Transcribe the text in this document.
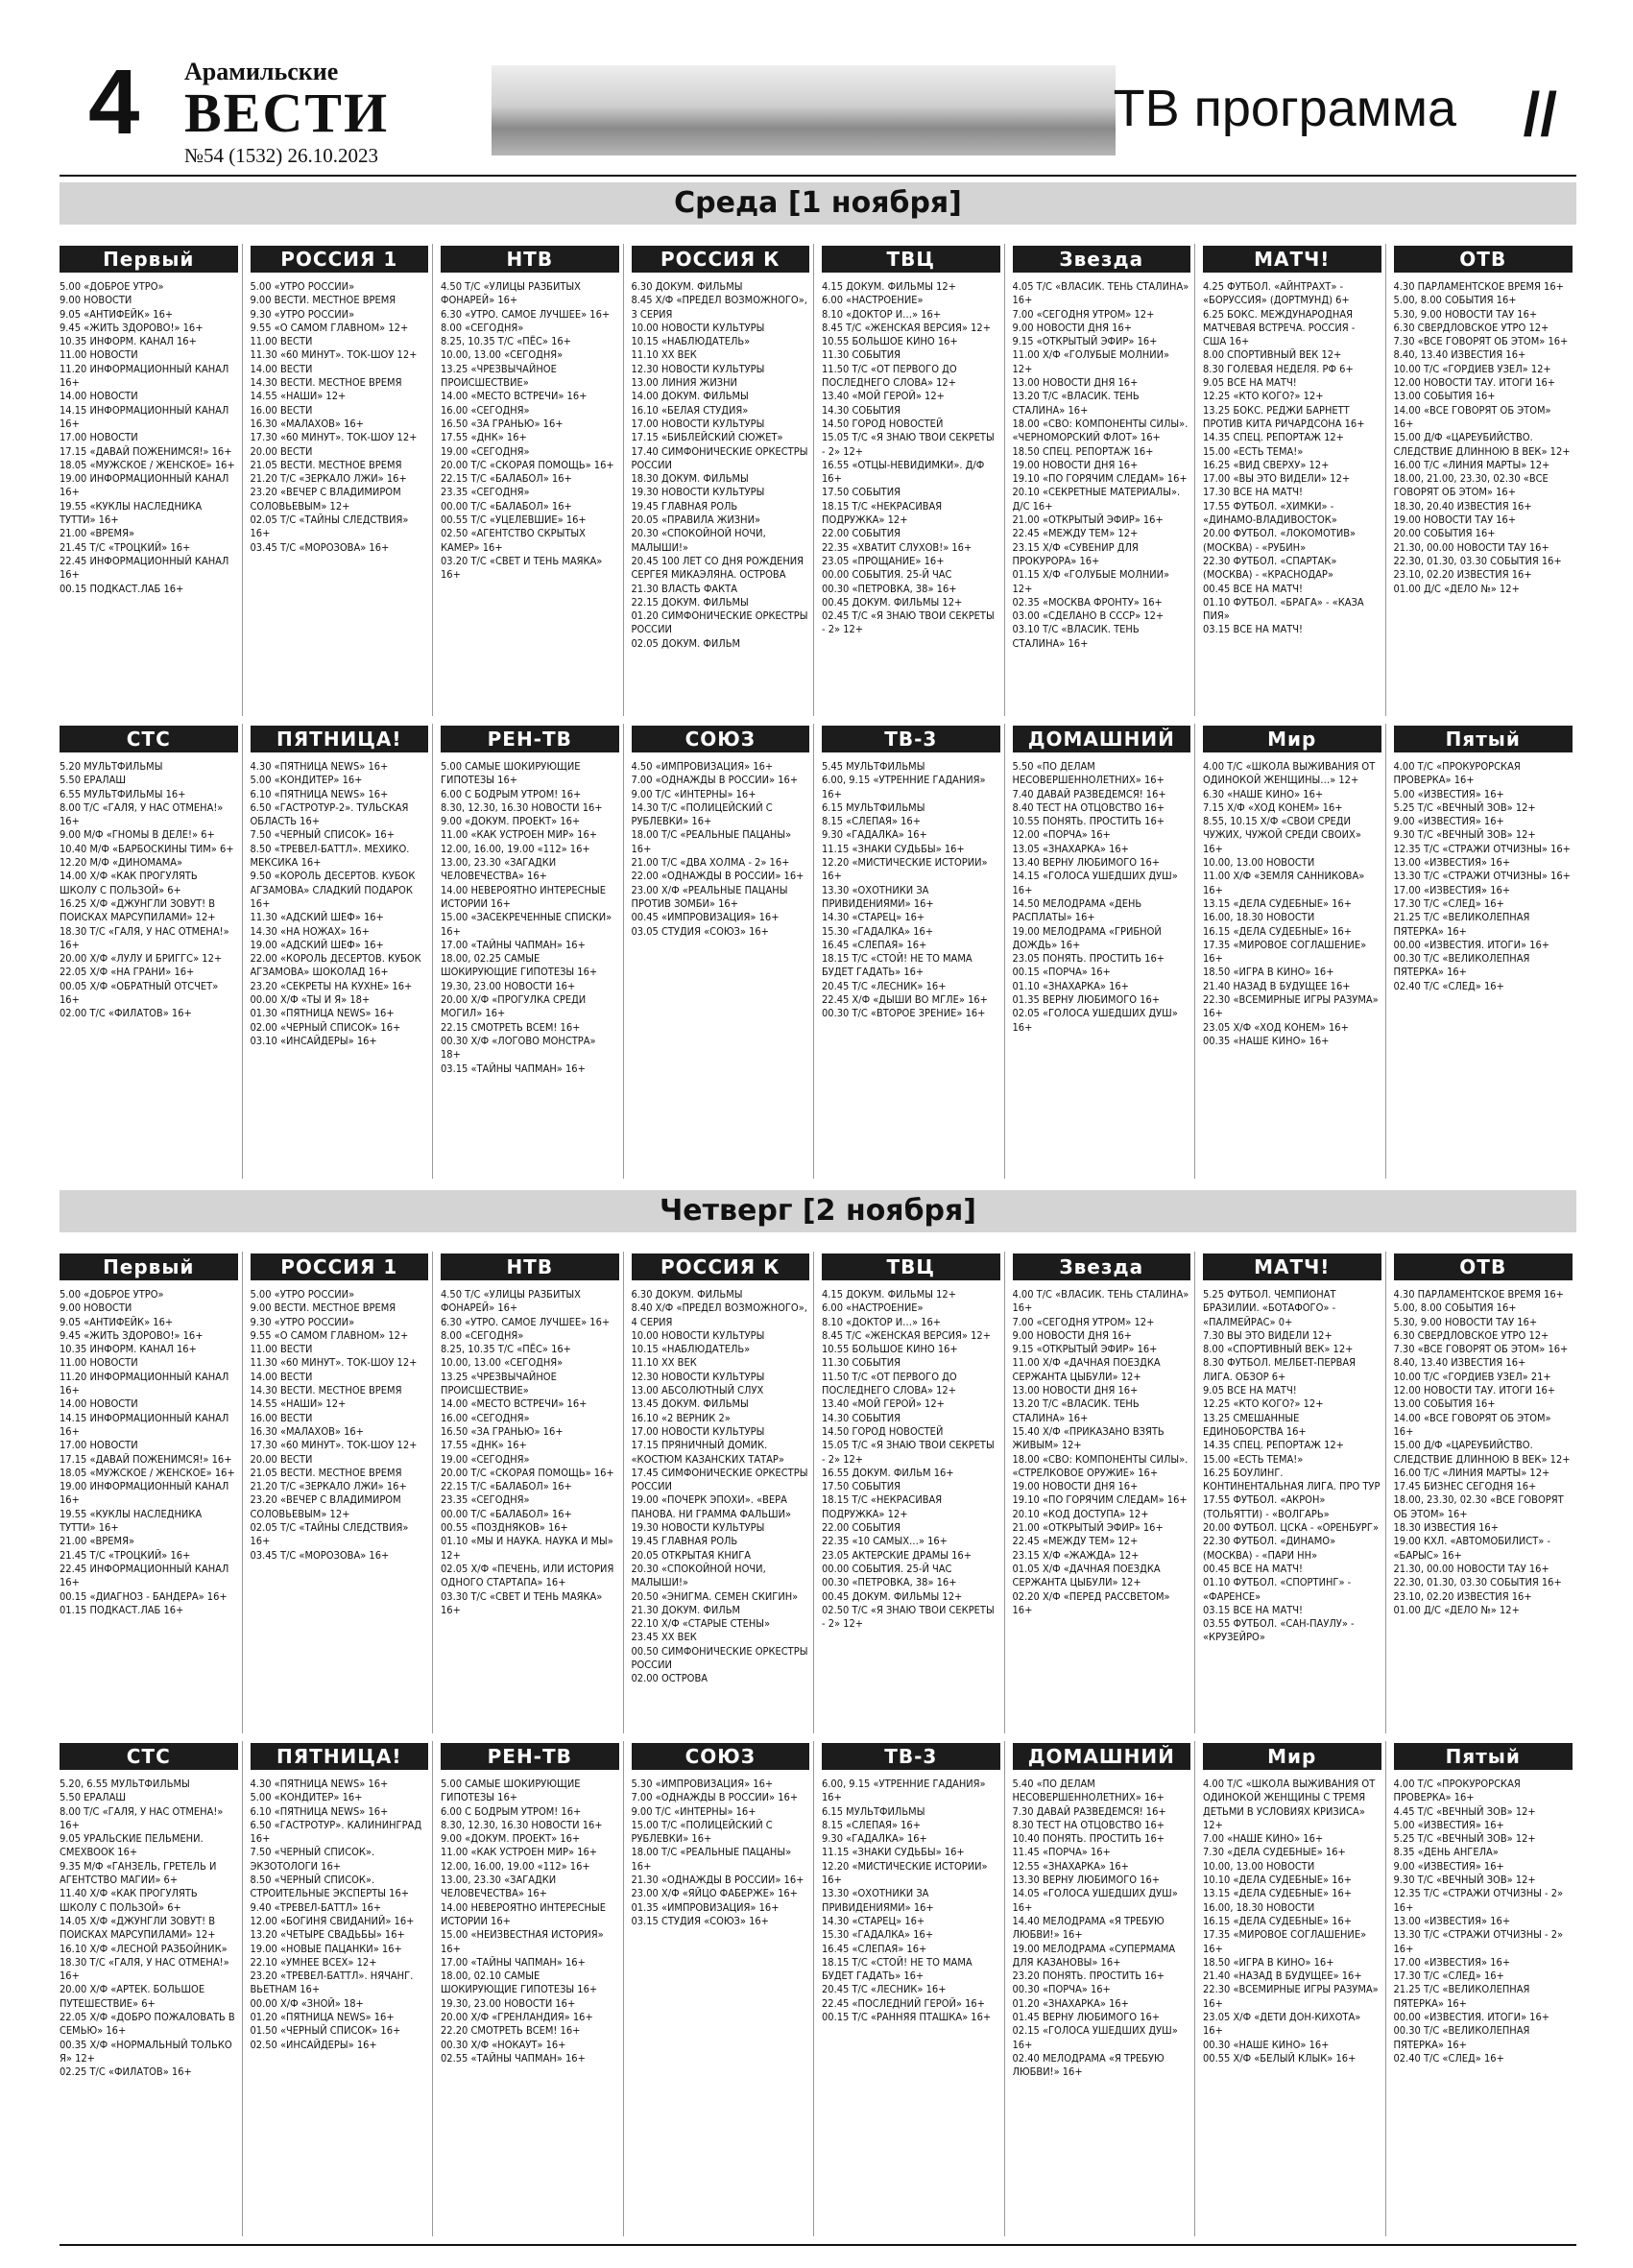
4 Арамильские
ВЕСТИ
№54 (1532) 26.10.2023
ТВ программа //
Среда [1 ноября]
Первый
5.00 «ДОБРОЕ УТРО»
9.00 НОВОСТИ
9.05 «АНТИФЕЙК» 16+
9.45 «ЖИТЬ ЗДОРОВО!» 16+
10.35 ИНФОРМ. КАНАЛ 16+
11.00 НОВОСТИ
11.20 ИНФОРМАЦИОННЫЙ КАНАЛ 16+
14.00 НОВОСТИ
14.15 ИНФОРМАЦИОННЫЙ КАНАЛ 16+
17.00 НОВОСТИ
17.15 «ДАВАЙ ПОЖЕНИМСЯ!» 16+
18.05 «МУЖСКОЕ / ЖЕНСКОЕ» 16+
19.00 ИНФОРМАЦИОННЫЙ КАНАЛ 16+
19.55 «КУКЛЫ НАСЛЕДНИКА ТУТТИ» 16+
21.00 «ВРЕМЯ»
21.45 Т/С «ТРОЦКИЙ» 16+
22.45 ИНФОРМАЦИОННЫЙ КАНАЛ 16+
00.15 ПОДКАСТ.ЛАБ 16+
РОССИЯ 1
5.00 «УТРО РОССИИ»
9.00 ВЕСТИ. МЕСТНОЕ ВРЕМЯ
9.30 «УТРО РОССИИ»
9.55 «О САМОМ ГЛАВНОМ» 12+
11.00 ВЕСТИ
11.30 «60 МИНУТ». ТОК-ШОУ 12+
14.00 ВЕСТИ
14.30 ВЕСТИ. МЕСТНОЕ ВРЕМЯ
14.55 «НАШИ» 12+
16.00 ВЕСТИ
16.30 «МАЛАХОВ» 16+
17.30 «60 МИНУТ». ТОК-ШОУ 12+
20.00 ВЕСТИ
21.05 ВЕСТИ. МЕСТНОЕ ВРЕМЯ
21.20 Т/С «ЗЕРКАЛО ЛЖИ» 16+
23.20 «ВЕЧЕР С ВЛАДИМИРОМ СОЛОВЬЕВЫМ» 12+
02.05 Т/С «ТАЙНЫ СЛЕДСТВИЯ» 16+
03.45 Т/С «МОРОЗОВА» 16+
НТВ
4.50 Т/С «УЛИЦЫ РАЗБИТЫХ ФОНАРЕЙ» 16+
6.30 «УТРО. САМОЕ ЛУЧШЕЕ» 16+
8.00 «СЕГОДНЯ»
8.25, 10.35 Т/С «ПЁС» 16+
10.00, 13.00 «СЕГОДНЯ»
13.25 «ЧРЕЗВЫЧАЙНОЕ ПРОИСШЕСТВИЕ»
14.00 «МЕСТО ВСТРЕЧИ» 16+
16.00 «СЕГОДНЯ»
16.50 «ЗА ГРАНЬЮ» 16+
17.55 «ДНК» 16+
19.00 «СЕГОДНЯ»
20.00 Т/С «СКОРАЯ ПОМОЩЬ» 16+
22.15 Т/С «БАЛАБОЛ» 16+
23.35 «СЕГОДНЯ»
00.00 Т/С «БАЛАБОЛ» 16+
00.55 Т/С «УЦЕЛЕВШИЕ» 16+
02.50 «АГЕНТСТВО СКРЫТЫХ КАМЕР» 16+
03.20 Т/С «СВЕТ И ТЕНЬ МАЯКА» 16+
РОССИЯ К
6.30 ДОКУМ. ФИЛЬМЫ
8.45 Х/Ф «ПРЕДЕЛ ВОЗМОЖНОГО», 3 СЕРИЯ
10.00 НОВОСТИ КУЛЬТУРЫ
10.15 «НАБЛЮДАТЕЛЬ»
11.10 XX ВЕК
12.30 НОВОСТИ КУЛЬТУРЫ
13.00 ЛИНИЯ ЖИЗНИ
14.00 ДОКУМ. ФИЛЬМЫ
16.10 «БЕЛАЯ СТУДИЯ»
17.00 НОВОСТИ КУЛЬТУРЫ
17.15 «БИБЛЕЙСКИЙ СЮЖЕТ»
17.40 СИМФОНИЧЕСКИЕ ОРКЕСТРЫ РОССИИ
18.30 ДОКУМ. ФИЛЬМЫ
19.30 НОВОСТИ КУЛЬТУРЫ
19.45 ГЛАВНАЯ РОЛЬ
20.05 «ПРАВИЛА ЖИЗНИ»
20.30 «СПОКОЙНОЙ НОЧИ, МАЛЫШИ!»
20.45 100 ЛЕТ СО ДНЯ РОЖДЕНИЯ СЕРГЕЯ МИКАЭЛЯНА. ОСТРОВА
21.30 ВЛАСТЬ ФАКТА
22.15 ДОКУМ. ФИЛЬМЫ
01.20 СИМФОНИЧЕСКИЕ ОРКЕСТРЫ РОССИИ
02.05 ДОКУМ. ФИЛЬМ
ТВЦ
4.15 ДОКУМ. ФИЛЬМЫ 12+
6.00 «НАСТРОЕНИЕ»
8.10 «ДОКТОР И…» 16+
8.45 Т/С «ЖЕНСКАЯ ВЕРСИЯ» 12+
10.55 БОЛЬШОЕ КИНО 16+
11.30 СОБЫТИЯ
11.50 Т/С «ОТ ПЕРВОГО ДО ПОСЛЕДНЕГО СЛОВА» 12+
13.40 «МОЙ ГЕРОЙ» 12+
14.30 СОБЫТИЯ
14.50 ГОРОД НОВОСТЕЙ
15.05 Т/С «Я ЗНАЮ ТВОИ СЕКРЕТЫ - 2» 12+
16.55 «ОТЦЫ-НЕВИДИМКИ». Д/Ф 16+
17.50 СОБЫТИЯ
18.15 Т/С «НЕКРАСИВАЯ ПОДРУЖКА» 12+
22.00 СОБЫТИЯ
22.35 «ХВАТИТ СЛУХОВ!» 16+
23.05 «ПРОЩАНИЕ» 16+
00.00 СОБЫТИЯ. 25-Й ЧАС
00.30 «ПЕТРОВКА, 38» 16+
00.45 ДОКУМ. ФИЛЬМЫ 12+
02.45 Т/С «Я ЗНАЮ ТВОИ СЕКРЕТЫ - 2» 12+
Звезда
4.05 Т/С «ВЛАСИК. ТЕНЬ СТАЛИНА» 16+
7.00 «СЕГОДНЯ УТРОМ» 12+
9.00 НОВОСТИ ДНЯ 16+
9.15 «ОТКРЫТЫЙ ЭФИР» 16+
11.00 Х/Ф «ГОЛУБЫЕ МОЛНИИ» 12+
13.00 НОВОСТИ ДНЯ 16+
13.20 Т/С «ВЛАСИК. ТЕНЬ СТАЛИНА» 16+
18.00 «СВО: КОМПОНЕНТЫ СИЛЫ». «ЧЕРНОМОРСКИЙ ФЛОТ» 16+
18.50 СПЕЦ. РЕПОРТАЖ 16+
19.00 НОВОСТИ ДНЯ 16+
19.10 «ПО ГОРЯЧИМ СЛЕДАМ» 16+
20.10 «СЕКРЕТНЫЕ МАТЕРИАЛЫ». Д/С 16+
21.00 «ОТКРЫТЫЙ ЭФИР» 16+
22.45 «МЕЖДУ ТЕМ» 12+
23.15 Х/Ф «СУВЕНИР ДЛЯ ПРОКУРОРА» 16+
01.15 Х/Ф «ГОЛУБЫЕ МОЛНИИ» 12+
02.35 «МОСКВА ФРОНТУ» 16+
03.00 «СДЕЛАНО В СССР» 12+
03.10 Т/С «ВЛАСИК. ТЕНЬ СТАЛИНА» 16+
МАТЧ!
4.25 ФУТБОЛ. «АЙНТРАХТ» - «БОРУССИЯ» (ДОРТМУНД) 6+
6.25 БОКС. МЕЖДУНАРОДНАЯ МАТЧЕВАЯ ВСТРЕЧА. РОССИЯ - США 16+
8.00 СПОРТИВНЫЙ ВЕК 12+
8.30 ГОЛЕВАЯ НЕДЕЛЯ. РФ 6+
9.05 ВСЕ НА МАТЧ!
12.25 «КТО КОГО?» 12+
13.25 БОКС. РЕДЖИ БАРНЕТТ ПРОТИВ КИТА РИЧАРДСОНА 16+
14.35 СПЕЦ. РЕПОРТАЖ 12+
15.00 «ЕСТЬ ТЕМА!»
16.25 «ВИД СВЕРХУ» 12+
17.00 «ВЫ ЭТО ВИДЕЛИ» 12+
17.30 ВСЕ НА МАТЧ!
17.55 ФУТБОЛ. «ХИМКИ» - «ДИНАМО-ВЛАДИВОСТОК»
20.00 ФУТБОЛ. «ЛОКОМОТИВ» (МОСКВА) - «РУБИН»
22.30 ФУТБОЛ. «СПАРТАК» (МОСКВА) - «КРАСНОДАР»
00.45 ВСЕ НА МАТЧ!
01.10 ФУТБОЛ. «БРАГА» - «КАЗА ПИЯ»
03.15 ВСЕ НА МАТЧ!
ОТВ
4.30 ПАРЛАМЕНТСКОЕ ВРЕМЯ 16+
5.00, 8.00 СОБЫТИЯ 16+
5.30, 9.00 НОВОСТИ ТАУ 16+
6.30 СВЕРДЛОВСКОЕ УТРО 12+
7.30 «ВСЕ ГОВОРЯТ ОБ ЭТОМ» 16+
8.40, 13.40 ИЗВЕСТИЯ 16+
10.00 Т/С «ГОРДИЕВ УЗЕЛ» 12+
12.00 НОВОСТИ ТАУ. ИТОГИ 16+
13.00 СОБЫТИЯ 16+
14.00 «ВСЕ ГОВОРЯТ ОБ ЭТОМ» 16+
15.00 Д/Ф «ЦАРЕУБИЙСТВО. СЛЕДСТВИЕ ДЛИННОЮ В ВЕК» 12+
16.00 Т/С «ЛИНИЯ МАРТЫ» 12+
18.00, 21.00, 23.30, 02.30 «ВСЕ ГОВОРЯТ ОБ ЭТОМ» 16+
18.30, 20.40 ИЗВЕСТИЯ 16+
19.00 НОВОСТИ ТАУ 16+
20.00 СОБЫТИЯ 16+
21.30, 00.00 НОВОСТИ ТАУ 16+
22.30, 01.30, 03.30 СОБЫТИЯ 16+
23.10, 02.20 ИЗВЕСТИЯ 16+
01.00 Д/С «ДЕЛО №» 12+
СТС
5.20 МУЛЬТФИЛЬМЫ
5.50 ЕРАЛАШ
6.55 МУЛЬТФИЛЬМЫ 16+
8.00 Т/С «ГАЛЯ, У НАС ОТМЕНА!» 16+
9.00 М/Ф «ГНОМЫ В ДЕЛЕ!» 6+
10.40 М/Ф «БАРБОСКИНЫ ТИМ» 6+
12.20 М/Ф «ДИНОМАМА»
14.00 Х/Ф «КАК ПРОГУЛЯТЬ ШКОЛУ С ПОЛЬЗОЙ» 6+
16.25 Х/Ф «ДЖУНГЛИ ЗОВУТ! В ПОИСКАХ МАРСУПИЛАМИ» 12+
18.30 Т/С «ГАЛЯ, У НАС ОТМЕНА!» 16+
20.00 Х/Ф «ЛУЛУ И БРИГГС» 12+
22.05 Х/Ф «НА ГРАНИ» 16+
00.05 Х/Ф «ОБРАТНЫЙ ОТСЧЕТ» 16+
02.00 Т/С «ФИЛАТОВ» 16+
ПЯТНИЦА!
4.30 «ПЯТНИЦА NEWS» 16+
5.00 «КОНДИТЕР» 16+
6.10 «ПЯТНИЦА NEWS» 16+
6.50 «ГАСТРОТУР-2». ТУЛЬСКАЯ ОБЛАСТЬ 16+
7.50 «ЧЕРНЫЙ СПИСОК» 16+
8.50 «ТРЕВЕЛ-БАТТЛ». МЕХИКО. МЕКСИКА 16+
9.50 «КОРОЛЬ ДЕСЕРТОВ. КУБОК АГЗАМОВА» СЛАДКИЙ ПОДАРОК 16+
11.30 «АДСКИЙ ШЕФ» 16+
14.30 «НА НОЖАХ» 16+
19.00 «АДСКИЙ ШЕФ» 16+
22.00 «КОРОЛЬ ДЕСЕРТОВ. КУБОК АГЗАМОВА» ШОКОЛАД 16+
23.20 «СЕКРЕТЫ НА КУХНЕ» 16+
00.00 Х/Ф «ТЫ И Я» 18+
01.30 «ПЯТНИЦА NEWS» 16+
02.00 «ЧЕРНЫЙ СПИСОК» 16+
03.10 «ИНСАЙДЕРЫ» 16+
РЕН-ТВ
5.00 САМЫЕ ШОКИРУЮЩИЕ ГИПОТЕЗЫ 16+
6.00 С БОДРЫМ УТРОМ! 16+
8.30, 12.30, 16.30 НОВОСТИ 16+
9.00 «ДОКУМ. ПРОЕКТ» 16+
11.00 «КАК УСТРОЕН МИР» 16+
12.00, 16.00, 19.00 «112» 16+
13.00, 23.30 «ЗАГАДКИ ЧЕЛОВЕЧЕСТВА» 16+
14.00 НЕВЕРОЯТНО ИНТЕРЕСНЫЕ ИСТОРИИ 16+
15.00 «ЗАСЕКРЕЧЕННЫЕ СПИСКИ» 16+
17.00 «ТАЙНЫ ЧАПМАН» 16+
18.00, 02.25 САМЫЕ ШОКИРУЮЩИЕ ГИПОТЕЗЫ 16+
19.30, 23.00 НОВОСТИ 16+
20.00 Х/Ф «ПРОГУЛКА СРЕДИ МОГИЛ» 16+
22.15 СМОТРЕТЬ ВСЕМ! 16+
00.30 Х/Ф «ЛОГОВО МОНСТРА» 18+
03.15 «ТАЙНЫ ЧАПМАН» 16+
СОЮЗ
4.50 «ИМПРОВИЗАЦИЯ» 16+
7.00 «ОДНАЖДЫ В РОССИИ» 16+
9.00 Т/С «ИНТЕРНЫ» 16+
14.30 Т/С «ПОЛИЦЕЙСКИЙ С РУБЛЕВКИ» 16+
18.00 Т/С «РЕАЛЬНЫЕ ПАЦАНЫ» 16+
21.00 Т/С «ДВА ХОЛМА - 2» 16+
22.00 «ОДНАЖДЫ В РОССИИ» 16+
23.00 Х/Ф «РЕАЛЬНЫЕ ПАЦАНЫ ПРОТИВ ЗОМБИ» 16+
00.45 «ИМПРОВИЗАЦИЯ» 16+
03.05 СТУДИЯ «СОЮЗ» 16+
ТВ-3
5.45 МУЛЬТФИЛЬМЫ
6.00, 9.15 «УТРЕННИЕ ГАДАНИЯ» 16+
6.15 МУЛЬТФИЛЬМЫ
8.15 «СЛЕПАЯ» 16+
9.30 «ГАДАЛКА» 16+
11.15 «ЗНАКИ СУДЬБЫ» 16+
12.20 «МИСТИЧЕСКИЕ ИСТОРИИ» 16+
13.30 «ОХОТНИКИ ЗА ПРИВИДЕНИЯМИ» 16+
14.30 «СТАРЕЦ» 16+
15.30 «ГАДАЛКА» 16+
16.45 «СЛЕПАЯ» 16+
18.15 Т/С «СТОЙ! НЕ ТО МАМА БУДЕТ ГАДАТЬ» 16+
20.45 Т/С «ЛЕСНИК» 16+
22.45 Х/Ф «ДЫШИ ВО МГЛЕ» 16+
00.30 Т/С «ВТОРОЕ ЗРЕНИЕ» 16+
ДОМАШНИЙ
5.50 «ПО ДЕЛАМ НЕСОВЕРШЕННОЛЕТНИХ» 16+
7.40 ДАВАЙ РАЗВЕДЕМСЯ! 16+
8.40 ТЕСТ НА ОТЦОВСТВО 16+
10.55 ПОНЯТЬ. ПРОСТИТЬ 16+
12.00 «ПОРЧА» 16+
13.05 «ЗНАХАРКА» 16+
13.40 ВЕРНУ ЛЮБИМОГО 16+
14.15 «ГОЛОСА УШЕДШИХ ДУШ» 16+
14.50 МЕЛОДРАМА «ДЕНЬ РАСПЛАТЫ» 16+
19.00 МЕЛОДРАМА «ГРИБНОЙ ДОЖДЬ» 16+
23.05 ПОНЯТЬ. ПРОСТИТЬ 16+
00.15 «ПОРЧА» 16+
01.10 «ЗНАХАРКА» 16+
01.35 ВЕРНУ ЛЮБИМОГО 16+
02.05 «ГОЛОСА УШЕДШИХ ДУШ» 16+
Мир
4.00 Т/С «ШКОЛА ВЫЖИВАНИЯ ОТ ОДИНОКОЙ ЖЕНЩИНЫ…» 12+
6.30 «НАШЕ КИНО» 16+
7.15 Х/Ф «ХОД КОНЕМ» 16+
8.55, 10.15 Х/Ф «СВОИ СРЕДИ ЧУЖИХ, ЧУЖОЙ СРЕДИ СВОИХ» 16+
10.00, 13.00 НОВОСТИ
11.00 Х/Ф «ЗЕМЛЯ САННИКОВА» 16+
13.15 «ДЕЛА СУДЕБНЫЕ» 16+
16.00, 18.30 НОВОСТИ
16.15 «ДЕЛА СУДЕБНЫЕ» 16+
17.35 «МИРОВОЕ СОГЛАШЕНИЕ» 16+
18.50 «ИГРА В КИНО» 16+
21.40 НАЗАД В БУДУЩЕЕ 16+
22.30 «ВСЕМИРНЫЕ ИГРЫ РАЗУМА» 16+
23.05 Х/Ф «ХОД КОНЕМ» 16+
00.35 «НАШЕ КИНО» 16+
Пятый
4.00 Т/С «ПРОКУРОРСКАЯ ПРОВЕРКА» 16+
5.00 «ИЗВЕСТИЯ» 16+
5.25 Т/С «ВЕЧНЫЙ ЗОВ» 12+
9.00 «ИЗВЕСТИЯ» 16+
9.30 Т/С «ВЕЧНЫЙ ЗОВ» 12+
12.35 Т/С «СТРАЖИ ОТЧИЗНЫ» 16+
13.00 «ИЗВЕСТИЯ» 16+
13.30 Т/С «СТРАЖИ ОТЧИЗНЫ» 16+
17.00 «ИЗВЕСТИЯ» 16+
17.30 Т/С «СЛЕД» 16+
21.25 Т/С «ВЕЛИКОЛЕПНАЯ ПЯТЕРКА» 16+
00.00 «ИЗВЕСТИЯ. ИТОГИ» 16+
00.30 Т/С «ВЕЛИКОЛЕПНАЯ ПЯТЕРКА» 16+
02.40 Т/С «СЛЕД» 16+
Четверг [2 ноября]
Первый
5.00 «ДОБРОЕ УТРО»
9.00 НОВОСТИ
9.05 «АНТИФЕЙК» 16+
9.45 «ЖИТЬ ЗДОРОВО!» 16+
10.35 ИНФОРМ. КАНАЛ 16+
11.00 НОВОСТИ
11.20 ИНФОРМАЦИОННЫЙ КАНАЛ 16+
14.00 НОВОСТИ
14.15 ИНФОРМАЦИОННЫЙ КАНАЛ 16+
17.00 НОВОСТИ
17.15 «ДАВАЙ ПОЖЕНИМСЯ!» 16+
18.05 «МУЖСКОЕ / ЖЕНСКОЕ» 16+
19.00 ИНФОРМАЦИОННЫЙ КАНАЛ 16+
19.55 «КУКЛЫ НАСЛЕДНИКА ТУТТИ» 16+
21.00 «ВРЕМЯ»
21.45 Т/С «ТРОЦКИЙ» 16+
22.45 ИНФОРМАЦИОННЫЙ КАНАЛ 16+
00.15 «ДИАГНОЗ - БАНДЕРА» 16+
01.15 ПОДКАСТ.ЛАБ 16+
РОССИЯ 1
5.00 «УТРО РОССИИ»
9.00 ВЕСТИ. МЕСТНОЕ ВРЕМЯ
9.30 «УТРО РОССИИ»
9.55 «О САМОМ ГЛАВНОМ» 12+
11.00 ВЕСТИ
11.30 «60 МИНУТ». ТОК-ШОУ 12+
14.00 ВЕСТИ
14.30 ВЕСТИ. МЕСТНОЕ ВРЕМЯ
14.55 «НАШИ» 12+
16.00 ВЕСТИ
16.30 «МАЛАХОВ» 16+
17.30 «60 МИНУТ». ТОК-ШОУ 12+
20.00 ВЕСТИ
21.05 ВЕСТИ. МЕСТНОЕ ВРЕМЯ
21.20 Т/С «ЗЕРКАЛО ЛЖИ» 16+
23.20 «ВЕЧЕР С ВЛАДИМИРОМ СОЛОВЬЕВЫМ» 12+
02.05 Т/С «ТАЙНЫ СЛЕДСТВИЯ» 16+
03.45 Т/С «МОРОЗОВА» 16+
НТВ
4.50 Т/С «УЛИЦЫ РАЗБИТЫХ ФОНАРЕЙ» 16+
6.30 «УТРО. САМОЕ ЛУЧШЕЕ» 16+
8.00 «СЕГОДНЯ»
8.25, 10.35 Т/С «ПЁС» 16+
10.00, 13.00 «СЕГОДНЯ»
13.25 «ЧРЕЗВЫЧАЙНОЕ ПРОИСШЕСТВИЕ»
14.00 «МЕСТО ВСТРЕЧИ» 16+
16.00 «СЕГОДНЯ»
16.50 «ЗА ГРАНЬЮ» 16+
17.55 «ДНК» 16+
19.00 «СЕГОДНЯ»
20.00 Т/С «СКОРАЯ ПОМОЩЬ» 16+
22.15 Т/С «БАЛАБОЛ» 16+
23.35 «СЕГОДНЯ»
00.00 Т/С «БАЛАБОЛ» 16+
00.55 «ПОЗДНЯКОВ» 16+
01.10 «МЫ И НАУКА. НАУКА И МЫ» 12+
02.05 Х/Ф «ПЕЧЕНЬ, ИЛИ ИСТОРИЯ ОДНОГО СТАРТАПА» 16+
03.30 Т/С «СВЕТ И ТЕНЬ МАЯКА» 16+
РОССИЯ К
6.30 ДОКУМ. ФИЛЬМЫ
8.40 Х/Ф «ПРЕДЕЛ ВОЗМОЖНОГО», 4 СЕРИЯ
10.00 НОВОСТИ КУЛЬТУРЫ
10.15 «НАБЛЮДАТЕЛЬ»
11.10 XX ВЕК
12.30 НОВОСТИ КУЛЬТУРЫ
13.00 АБСОЛЮТНЫЙ СЛУХ
13.45 ДОКУМ. ФИЛЬМЫ
16.10 «2 ВЕРНИК 2»
17.00 НОВОСТИ КУЛЬТУРЫ
17.15 ПРЯНИЧНЫЙ ДОМИК. «КОСТЮМ КАЗАНСКИХ ТАТАР»
17.45 СИМФОНИЧЕСКИЕ ОРКЕСТРЫ РОССИИ
19.00 «ПОЧЕРК ЭПОХИ». «ВЕРА ПАНОВА. НИ ГРАММА ФАЛЬШИ»
19.30 НОВОСТИ КУЛЬТУРЫ
19.45 ГЛАВНАЯ РОЛЬ
20.05 ОТКРЫТАЯ КНИГА
20.30 «СПОКОЙНОЙ НОЧИ, МАЛЫШИ!»
20.50 «ЭНИГМА. СЕМЕН СКИГИН»
21.30 ДОКУМ. ФИЛЬМ
22.10 Х/Ф «СТАРЫЕ СТЕНЫ»
23.45 XX ВЕК
00.50 СИМФОНИЧЕСКИЕ ОРКЕСТРЫ РОССИИ
02.00 ОСТРОВА
ТВЦ
4.15 ДОКУМ. ФИЛЬМЫ 12+
6.00 «НАСТРОЕНИЕ»
8.10 «ДОКТОР И…» 16+
8.45 Т/С «ЖЕНСКАЯ ВЕРСИЯ» 12+
10.55 БОЛЬШОЕ КИНО 16+
11.30 СОБЫТИЯ
11.50 Т/С «ОТ ПЕРВОГО ДО ПОСЛЕДНЕГО СЛОВА» 12+
13.40 «МОЙ ГЕРОЙ» 12+
14.30 СОБЫТИЯ
14.50 ГОРОД НОВОСТЕЙ
15.05 Т/С «Я ЗНАЮ ТВОИ СЕКРЕТЫ - 2» 12+
16.55 ДОКУМ. ФИЛЬМ 16+
17.50 СОБЫТИЯ
18.15 Т/С «НЕКРАСИВАЯ ПОДРУЖКА» 12+
22.00 СОБЫТИЯ
22.35 «10 САМЫХ…» 16+
23.05 АКТЕРСКИЕ ДРАМЫ 16+
00.00 СОБЫТИЯ. 25-Й ЧАС
00.30 «ПЕТРОВКА, 38» 16+
00.45 ДОКУМ. ФИЛЬМЫ 12+
02.50 Т/С «Я ЗНАЮ ТВОИ СЕКРЕТЫ - 2» 12+
Звезда
4.00 Т/С «ВЛАСИК. ТЕНЬ СТАЛИНА» 16+
7.00 «СЕГОДНЯ УТРОМ» 12+
9.00 НОВОСТИ ДНЯ 16+
9.15 «ОТКРЫТЫЙ ЭФИР» 16+
11.00 Х/Ф «ДАЧНАЯ ПОЕЗДКА СЕРЖАНТА ЦЫБУЛИ» 12+
13.00 НОВОСТИ ДНЯ 16+
13.20 Т/С «ВЛАСИК. ТЕНЬ СТАЛИНА» 16+
15.40 Х/Ф «ПРИКАЗАНО ВЗЯТЬ ЖИВЫМ» 12+
18.00 «СВО: КОМПОНЕНТЫ СИЛЫ». «СТРЕЛКОВОЕ ОРУЖИЕ» 16+
19.00 НОВОСТИ ДНЯ 16+
19.10 «ПО ГОРЯЧИМ СЛЕДАМ» 16+
20.10 «КОД ДОСТУПА» 12+
21.00 «ОТКРЫТЫЙ ЭФИР» 16+
22.45 «МЕЖДУ ТЕМ» 12+
23.15 Х/Ф «ЖАЖДА» 12+
01.05 Х/Ф «ДАЧНАЯ ПОЕЗДКА СЕРЖАНТА ЦЫБУЛИ» 12+
02.20 Х/Ф «ПЕРЕД РАССВЕТОМ» 16+
МАТЧ!
5.25 ФУТБОЛ. ЧЕМПИОНАТ БРАЗИЛИИ. «БОТАФОГО» - «ПАЛМЕЙРАС» 0+
7.30 ВЫ ЭТО ВИДЕЛИ 12+
8.00 «СПОРТИВНЫЙ ВЕК» 12+
8.30 ФУТБОЛ. МЕЛБЕТ-ПЕРВАЯ ЛИГА. ОБЗОР 6+
9.05 ВСЕ НА МАТЧ!
12.25 «КТО КОГО?» 12+
13.25 СМЕШАННЫЕ ЕДИНОБОРСТВА 16+
14.35 СПЕЦ. РЕПОРТАЖ 12+
15.00 «ЕСТЬ ТЕМА!»
16.25 БОУЛИНГ. КОНТИНЕНТАЛЬНАЯ ЛИГА. ПРО ТУР
17.55 ФУТБОЛ. «АКРОН» (ТОЛЬЯТТИ) - «ВОЛГАРЬ»
20.00 ФУТБОЛ. ЦСКА - «ОРЕНБУРГ»
22.30 ФУТБОЛ. «ДИНАМО» (МОСКВА) - «ПАРИ НН»
00.45 ВСЕ НА МАТЧ!
01.10 ФУТБОЛ. «СПОРТИНГ» - «ФАРЕНСЕ»
03.15 ВСЕ НА МАТЧ!
03.55 ФУТБОЛ. «САН-ПАУЛУ» - «КРУЗЕЙРО»
ОТВ
4.30 ПАРЛАМЕНТСКОЕ ВРЕМЯ 16+
5.00, 8.00 СОБЫТИЯ 16+
5.30, 9.00 НОВОСТИ ТАУ 16+
6.30 СВЕРДЛОВСКОЕ УТРО 12+
7.30 «ВСЕ ГОВОРЯТ ОБ ЭТОМ» 16+
8.40, 13.40 ИЗВЕСТИЯ 16+
10.00 Т/С «ГОРДИЕВ УЗЕЛ» 21+
12.00 НОВОСТИ ТАУ. ИТОГИ 16+
13.00 СОБЫТИЯ 16+
14.00 «ВСЕ ГОВОРЯТ ОБ ЭТОМ» 16+
15.00 Д/Ф «ЦАРЕУБИЙСТВО. СЛЕДСТВИЕ ДЛИННОЮ В ВЕК» 12+
16.00 Т/С «ЛИНИЯ МАРТЫ» 12+
17.45 БИЗНЕС СЕГОДНЯ 16+
18.00, 23.30, 02.30 «ВСЕ ГОВОРЯТ ОБ ЭТОМ» 16+
18.30 ИЗВЕСТИЯ 16+
19.00 КХЛ. «АВТОМОБИЛИСТ» - «БАРЫС» 16+
21.30, 00.00 НОВОСТИ ТАУ 16+
22.30, 01.30, 03.30 СОБЫТИЯ 16+
23.10, 02.20 ИЗВЕСТИЯ 16+
01.00 Д/С «ДЕЛО №» 12+
СТС
5.20, 6.55 МУЛЬТФИЛЬМЫ
5.50 ЕРАЛАШ
8.00 Т/С «ГАЛЯ, У НАС ОТМЕНА!» 16+
9.05 УРАЛЬСКИЕ ПЕЛЬМЕНИ. СМЕХBOOK 16+
9.35 М/Ф «ГАНЗЕЛЬ, ГРЕТЕЛЬ И АГЕНТСТВО МАГИИ» 6+
11.40 Х/Ф «КАК ПРОГУЛЯТЬ ШКОЛУ С ПОЛЬЗОЙ» 6+
14.05 Х/Ф «ДЖУНГЛИ ЗОВУТ! В ПОИСКАХ МАРСУПИЛАМИ» 12+
16.10 Х/Ф «ЛЕСНОЙ РАЗБОЙНИК»
18.30 Т/С «ГАЛЯ, У НАС ОТМЕНА!» 16+
20.00 Х/Ф «АРТЕК. БОЛЬШОЕ ПУТЕШЕСТВИЕ» 6+
22.05 Х/Ф «ДОБРО ПОЖАЛОВАТЬ В СЕМЬЮ» 16+
00.35 Х/Ф «НОРМАЛЬНЫЙ ТОЛЬКО Я» 12+
02.25 Т/С «ФИЛАТОВ» 16+
ПЯТНИЦА!
4.30 «ПЯТНИЦА NEWS» 16+
5.00 «КОНДИТЕР» 16+
6.10 «ПЯТНИЦА NEWS» 16+
6.50 «ГАСТРОТУР». КАЛИНИНГРАД 16+
7.50 «ЧЕРНЫЙ СПИСОК». ЭКЗОТОЛОГИ 16+
8.50 «ЧЕРНЫЙ СПИСОК». СТРОИТЕЛЬНЫЕ ЭКСПЕРТЫ 16+
9.40 «ТРЕВЕЛ-БАТТЛ» 16+
12.00 «БОГИНЯ СВИДАНИЙ» 16+
13.20 «ЧЕТЫРЕ СВАДЬБЫ» 16+
19.00 «НОВЫЕ ПАЦАНКИ» 16+
22.10 «УМНЕЕ ВСЕХ» 12+
23.20 «ТРЕВЕЛ-БАТТЛ». НЯЧАНГ. ВЬЕТНАМ 16+
00.00 Х/Ф «ЗНОЙ» 18+
01.20 «ПЯТНИЦА NEWS» 16+
01.50 «ЧЕРНЫЙ СПИСОК» 16+
02.50 «ИНСАЙДЕРЫ» 16+
РЕН-ТВ
5.00 САМЫЕ ШОКИРУЮЩИЕ ГИПОТЕЗЫ 16+
6.00 С БОДРЫМ УТРОМ! 16+
8.30, 12.30, 16.30 НОВОСТИ 16+
9.00 «ДОКУМ. ПРОЕКТ» 16+
11.00 «КАК УСТРОЕН МИР» 16+
12.00, 16.00, 19.00 «112» 16+
13.00, 23.30 «ЗАГАДКИ ЧЕЛОВЕЧЕСТВА» 16+
14.00 НЕВЕРОЯТНО ИНТЕРЕСНЫЕ ИСТОРИИ 16+
15.00 «НЕИЗВЕСТНАЯ ИСТОРИЯ» 16+
17.00 «ТАЙНЫ ЧАПМАН» 16+
18.00, 02.10 САМЫЕ ШОКИРУЮЩИЕ ГИПОТЕЗЫ 16+
19.30, 23.00 НОВОСТИ 16+
20.00 Х/Ф «ГРЕНЛАНДИЯ» 16+
22.20 СМОТРЕТЬ ВСЕМ! 16+
00.30 Х/Ф «НОКАУТ» 16+
02.55 «ТАЙНЫ ЧАПМАН» 16+
СОЮЗ
5.30 «ИМПРОВИЗАЦИЯ» 16+
7.00 «ОДНАЖДЫ В РОССИИ» 16+
9.00 Т/С «ИНТЕРНЫ» 16+
15.00 Т/С «ПОЛИЦЕЙСКИЙ С РУБЛЕВКИ» 16+
18.00 Т/С «РЕАЛЬНЫЕ ПАЦАНЫ» 16+
21.30 «ОДНАЖДЫ В РОССИИ» 16+
23.00 Х/Ф «ЯЙЦО ФАБЕРЖЕ» 16+
01.35 «ИМПРОВИЗАЦИЯ» 16+
03.15 СТУДИЯ «СОЮЗ» 16+
ТВ-3
6.00, 9.15 «УТРЕННИЕ ГАДАНИЯ» 16+
6.15 МУЛЬТФИЛЬМЫ
8.15 «СЛЕПАЯ» 16+
9.30 «ГАДАЛКА» 16+
11.15 «ЗНАКИ СУДЬБЫ» 16+
12.20 «МИСТИЧЕСКИЕ ИСТОРИИ» 16+
13.30 «ОХОТНИКИ ЗА ПРИВИДЕНИЯМИ» 16+
14.30 «СТАРЕЦ» 16+
15.30 «ГАДАЛКА» 16+
16.45 «СЛЕПАЯ» 16+
18.15 Т/С «СТОЙ! НЕ ТО МАМА БУДЕТ ГАДАТЬ» 16+
20.45 Т/С «ЛЕСНИК» 16+
22.45 «ПОСЛЕДНИЙ ГЕРОЙ» 16+
00.15 Т/С «РАННЯЯ ПТАШКА» 16+
ДОМАШНИЙ
5.40 «ПО ДЕЛАМ НЕСОВЕРШЕННОЛЕТНИХ» 16+
7.30 ДАВАЙ РАЗВЕДЕМСЯ! 16+
8.30 ТЕСТ НА ОТЦОВСТВО 16+
10.40 ПОНЯТЬ. ПРОСТИТЬ 16+
11.45 «ПОРЧА» 16+
12.55 «ЗНАХАРКА» 16+
13.30 ВЕРНУ ЛЮБИМОГО 16+
14.05 «ГОЛОСА УШЕДШИХ ДУШ» 16+
14.40 МЕЛОДРАМА «Я ТРЕБУЮ ЛЮБВИ!» 16+
19.00 МЕЛОДРАМА «СУПЕРМАМА ДЛЯ КАЗАНОВЫ» 16+
23.20 ПОНЯТЬ. ПРОСТИТЬ 16+
00.30 «ПОРЧА» 16+
01.20 «ЗНАХАРКА» 16+
01.45 ВЕРНУ ЛЮБИМОГО 16+
02.15 «ГОЛОСА УШЕДШИХ ДУШ» 16+
02.40 МЕЛОДРАМА «Я ТРЕБУЮ ЛЮБВИ!» 16+
Мир
4.00 Т/С «ШКОЛА ВЫЖИВАНИЯ ОТ ОДИНОКОЙ ЖЕНЩИНЫ С ТРЕМЯ ДЕТЬМИ В УСЛОВИЯХ КРИЗИСА» 12+
7.00 «НАШЕ КИНО» 16+
7.30 «ДЕЛА СУДЕБНЫЕ» 16+
10.00, 13.00 НОВОСТИ
10.10 «ДЕЛА СУДЕБНЫЕ» 16+
13.15 «ДЕЛА СУДЕБНЫЕ» 16+
16.00, 18.30 НОВОСТИ
16.15 «ДЕЛА СУДЕБНЫЕ» 16+
17.35 «МИРОВОЕ СОГЛАШЕНИЕ» 16+
18.50 «ИГРА В КИНО» 16+
21.40 «НАЗАД В БУДУЩЕЕ» 16+
22.30 «ВСЕМИРНЫЕ ИГРЫ РАЗУМА» 16+
23.05 Х/Ф «ДЕТИ ДОН-КИХОТА» 16+
00.30 «НАШЕ КИНО» 16+
00.55 Х/Ф «БЕЛЫЙ КЛЫК» 16+
Пятый
4.00 Т/С «ПРОКУРОРСКАЯ ПРОВЕРКА» 16+
4.45 Т/С «ВЕЧНЫЙ ЗОВ» 12+
5.00 «ИЗВЕСТИЯ» 16+
5.25 Т/С «ВЕЧНЫЙ ЗОВ» 12+
8.35 «ДЕНЬ АНГЕЛА»
9.00 «ИЗВЕСТИЯ» 16+
9.30 Т/С «ВЕЧНЫЙ ЗОВ» 12+
12.35 Т/С «СТРАЖИ ОТЧИЗНЫ - 2» 16+
13.00 «ИЗВЕСТИЯ» 16+
13.30 Т/С «СТРАЖИ ОТЧИЗНЫ - 2» 16+
17.00 «ИЗВЕСТИЯ» 16+
17.30 Т/С «СЛЕД» 16+
21.25 Т/С «ВЕЛИКОЛЕПНАЯ ПЯТЕРКА» 16+
00.00 «ИЗВЕСТИЯ. ИТОГИ» 16+
00.30 Т/С «ВЕЛИКОЛЕПНАЯ ПЯТЕРКА» 16+
02.40 Т/С «СЛЕД» 16+
